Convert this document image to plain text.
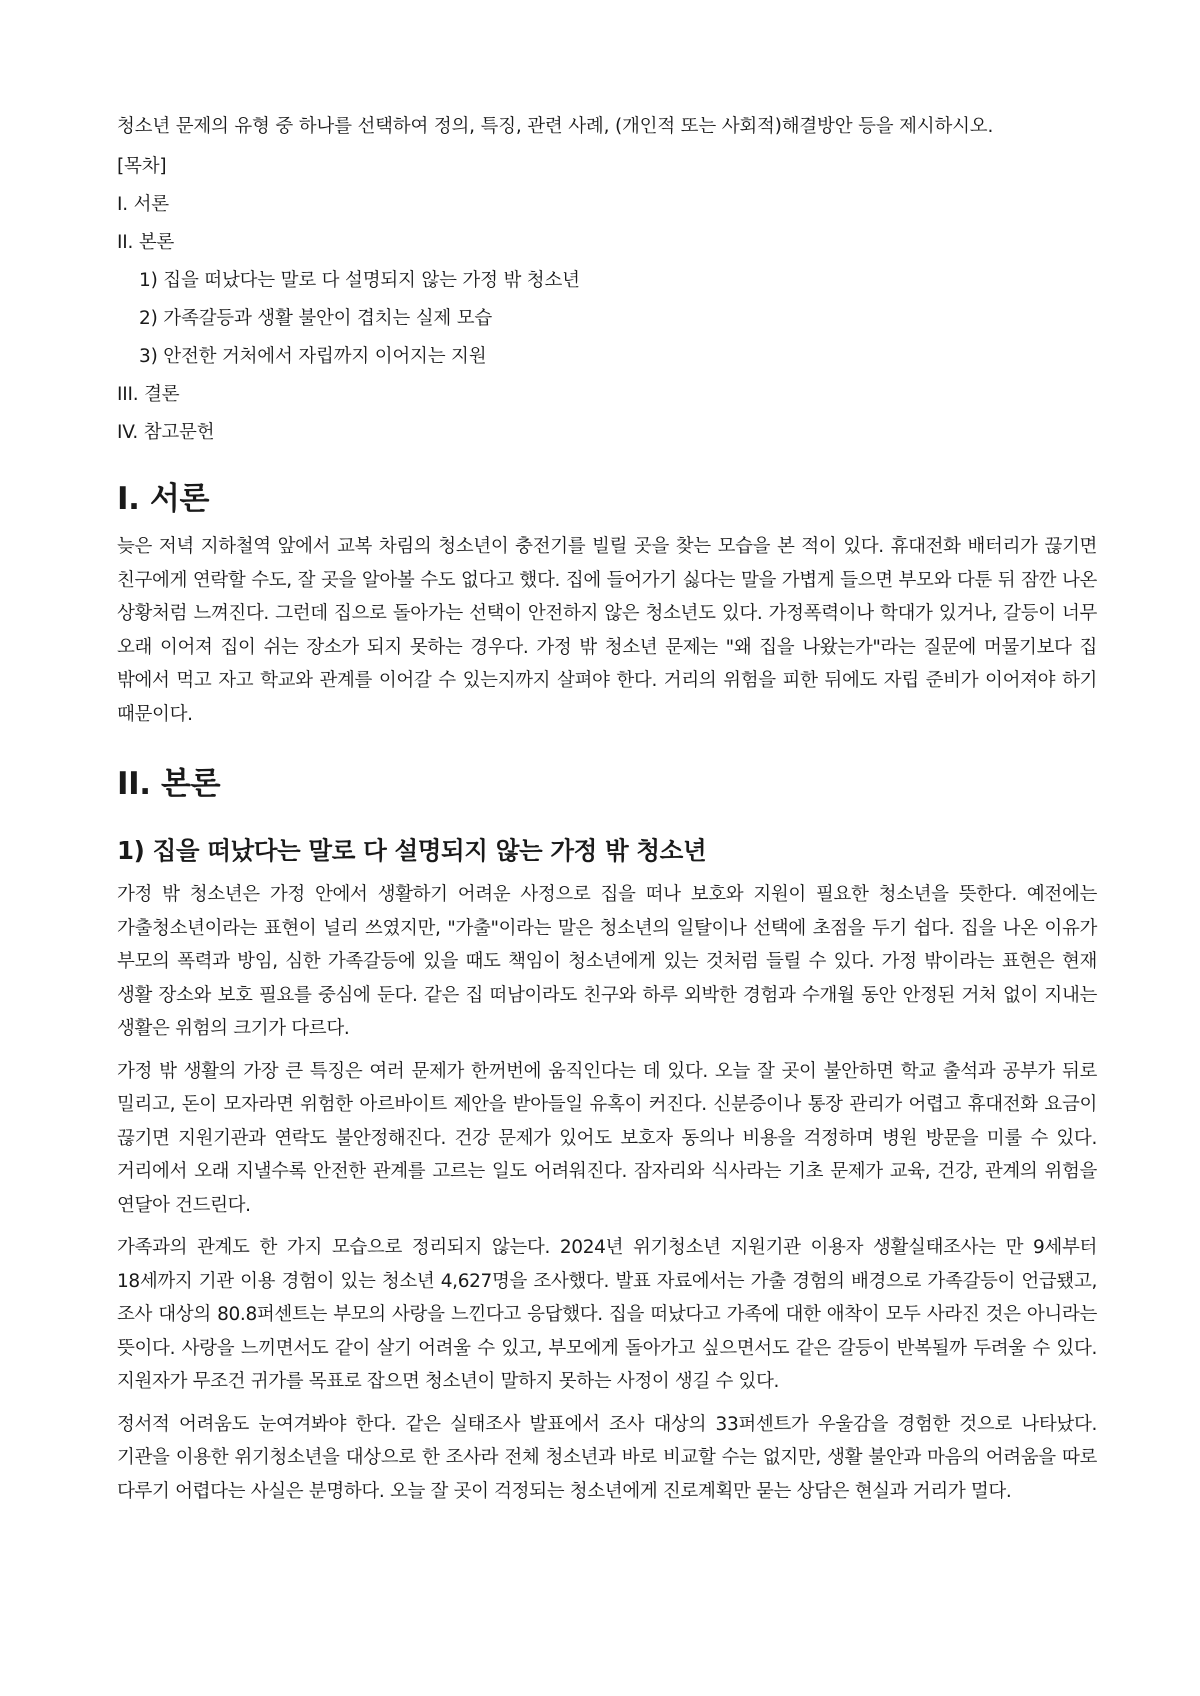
청소년 문제의 유형 중 하나를 선택하여 정의, 특징, 관련 사례, (개인적 또는 사회적)해결방안 등을 제시하시오.

[목차]
I. 서론
II. 본론
1) 집을 떠났다는 말로 다 설명되지 않는 가정 밖 청소년
2) 가족갈등과 생활 불안이 겹치는 실제 모습
3) 안전한 거처에서 자립까지 이어지는 지원
III. 결론
IV. 참고문헌
I. 서론

늦은 저녁 지하철역 앞에서 교복 차림의 청소년이 충전기를 빌릴 곳을 찾는 모습을 본 적이 있다. 휴대전화 배터리가 끊기면 친구에게 연락할 수도, 잘 곳을 알아볼 수도 없다고 했다. 집에 들어가기 싫다는 말을 가볍게 들으면 부모와 다툰 뒤 잠깐 나온 상황처럼 느껴진다. 그런데 집으로 돌아가는 선택이 안전하지 않은 청소년도 있다. 가정폭력이나 학대가 있거나, 갈등이 너무 오래 이어져 집이 쉬는 장소가 되지 못하는 경우다. 가정 밖 청소년 문제는 "왜 집을 나왔는가"라는 질문에 머물기보다 집 밖에서 먹고 자고 학교와 관계를 이어갈 수 있는지까지 살펴야 한다. 거리의 위험을 피한 뒤에도 자립 준비가 이어져야 하기 때문이다.

II. 본론
1) 집을 떠났다는 말로 다 설명되지 않는 가정 밖 청소년

가정 밖 청소년은 가정 안에서 생활하기 어려운 사정으로 집을 떠나 보호와 지원이 필요한 청소년을 뜻한다. 예전에는 가출청소년이라는 표현이 널리 쓰였지만, "가출"이라는 말은 청소년의 일탈이나 선택에 초점을 두기 쉽다. 집을 나온 이유가 부모의 폭력과 방임, 심한 가족갈등에 있을 때도 책임이 청소년에게 있는 것처럼 들릴 수 있다. 가정 밖이라는 표현은 현재 생활 장소와 보호 필요를 중심에 둔다. 같은 집 떠남이라도 친구와 하루 외박한 경험과 수개월 동안 안정된 거처 없이 지내는 생활은 위험의 크기가 다르다.

가정 밖 생활의 가장 큰 특징은 여러 문제가 한꺼번에 움직인다는 데 있다. 오늘 잘 곳이 불안하면 학교 출석과 공부가 뒤로 밀리고, 돈이 모자라면 위험한 아르바이트 제안을 받아들일 유혹이 커진다. 신분증이나 통장 관리가 어렵고 휴대전화 요금이 끊기면 지원기관과 연락도 불안정해진다. 건강 문제가 있어도 보호자 동의나 비용을 걱정하며 병원 방문을 미룰 수 있다. 거리에서 오래 지낼수록 안전한 관계를 고르는 일도 어려워진다. 잠자리와 식사라는 기초 문제가 교육, 건강, 관계의 위험을 연달아 건드린다.

가족과의 관계도 한 가지 모습으로 정리되지 않는다. 2024년 위기청소년 지원기관 이용자 생활실태조사는 만 9세부터 18세까지 기관 이용 경험이 있는 청소년 4,627명을 조사했다. 발표 자료에서는 가출 경험의 배경으로 가족갈등이 언급됐고, 조사 대상의 80.8퍼센트는 부모의 사랑을 느낀다고 응답했다. 집을 떠났다고 가족에 대한 애착이 모두 사라진 것은 아니라는 뜻이다. 사랑을 느끼면서도 같이 살기 어려울 수 있고, 부모에게 돌아가고 싶으면서도 같은 갈등이 반복될까 두려울 수 있다. 지원자가 무조건 귀가를 목표로 잡으면 청소년이 말하지 못하는 사정이 생길 수 있다.

정서적 어려움도 눈여겨봐야 한다. 같은 실태조사 발표에서 조사 대상의 33퍼센트가 우울감을 경험한 것으로 나타났다. 기관을 이용한 위기청소년을 대상으로 한 조사라 전체 청소년과 바로 비교할 수는 없지만, 생활 불안과 마음의 어려움을 따로 다루기 어렵다는 사실은 분명하다. 오늘 잘 곳이 걱정되는 청소년에게 진로계획만 묻는 상담은 현실과 거리가 멀다.
